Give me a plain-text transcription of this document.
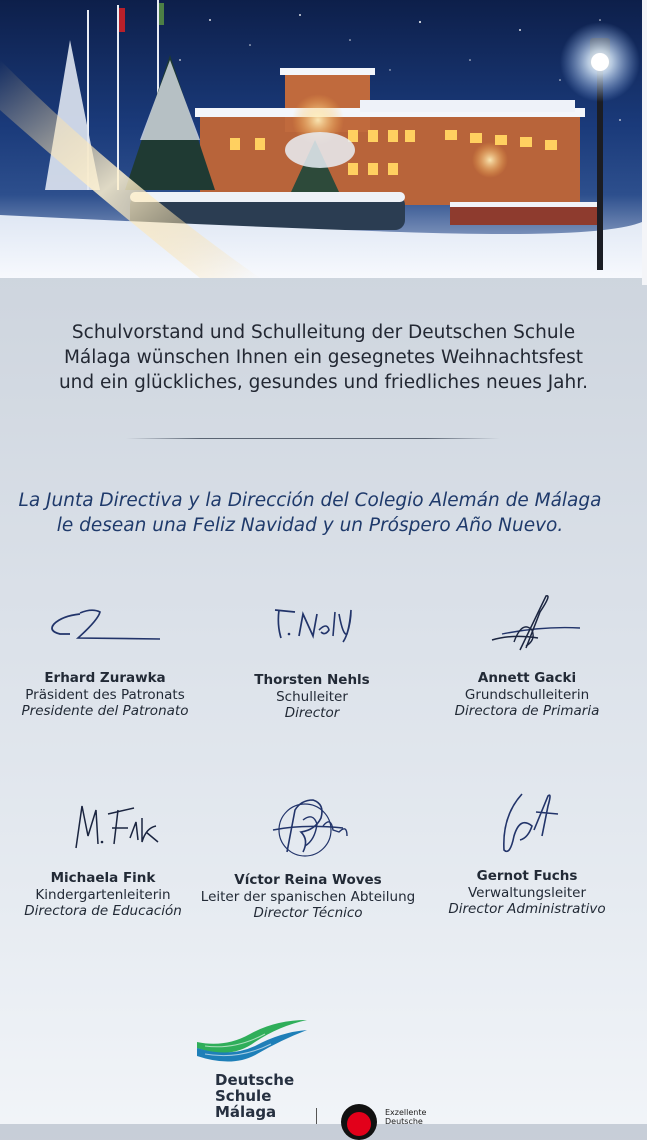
Schulvorstand und Schulleitung der Deutschen Schule
Málaga wünschen Ihnen ein gesegnetes Weihnachtsfest
und ein glückliches, gesundes und friedliches neues Jahr.
La Junta Directiva y la Dirección del Colegio Alemán de Málaga
le desean una Feliz Navidad y un Próspero Año Nuevo.
Erhard Zurawka
Präsident des Patronats
Presidente del Patronato
Thorsten Nehls
Schulleiter
Director
Annett Gacki
Grundschulleiterin
Directora de Primaria
Michaela Fink
Kindergartenleiterin
Directora de Educación
Víctor Reina Woves
Leiter der spanischen Abteilung
Director Técnico
Gernot Fuchs
Verwaltungsleiter
Director Administrativo
Deutsche
Schule
Málaga	Exzellente
Deutsche
